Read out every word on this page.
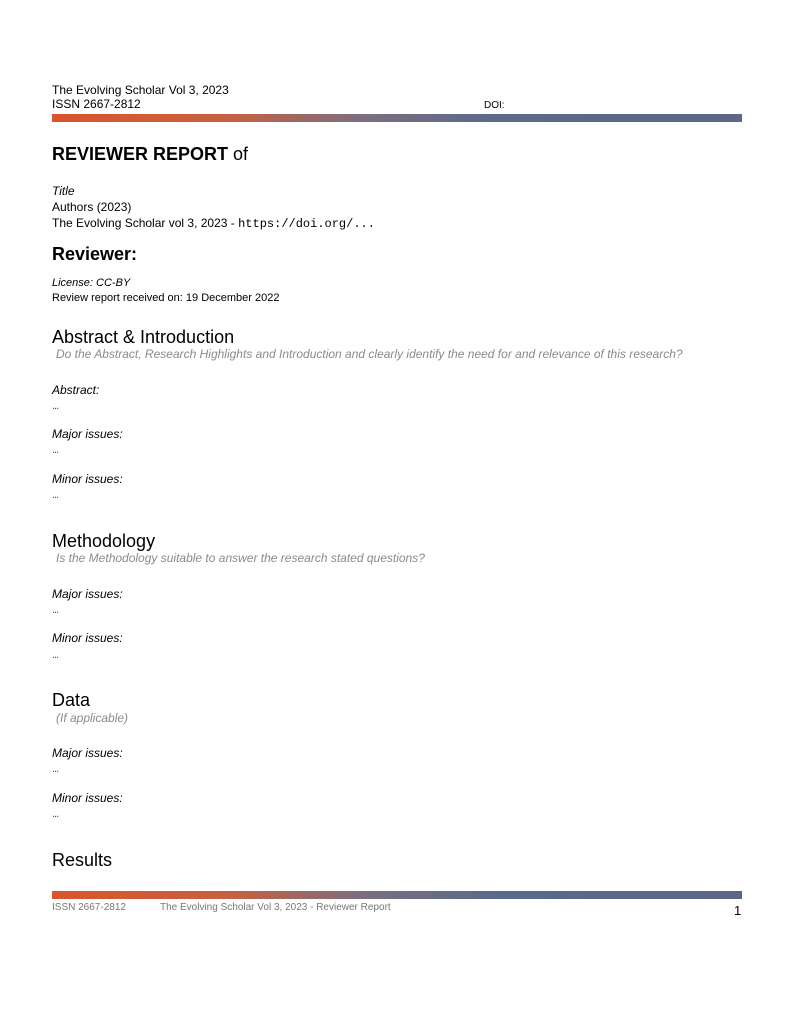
The Evolving Scholar Vol 3, 2023
ISSN 2667-2812	DOI:
REVIEWER REPORT of
Title
Authors (2023)
The Evolving Scholar vol 3, 2023 - https://doi.org/...
Reviewer:
License: CC-BY
Review report received on: 19 December 2022
Abstract & Introduction
Do the Abstract, Research Highlights and Introduction and clearly identify the need for and relevance of this research?
Abstract:
...
Major issues:
...
Minor issues:
...
Methodology
Is the Methodology suitable to answer the research stated questions?
Major issues:
...
Minor issues:
...
Data
(If applicable)
Major issues:
...
Minor issues:
...
Results
ISSN 2667-2812	The Evolving Scholar Vol 3, 2023 - Reviewer Report	1
